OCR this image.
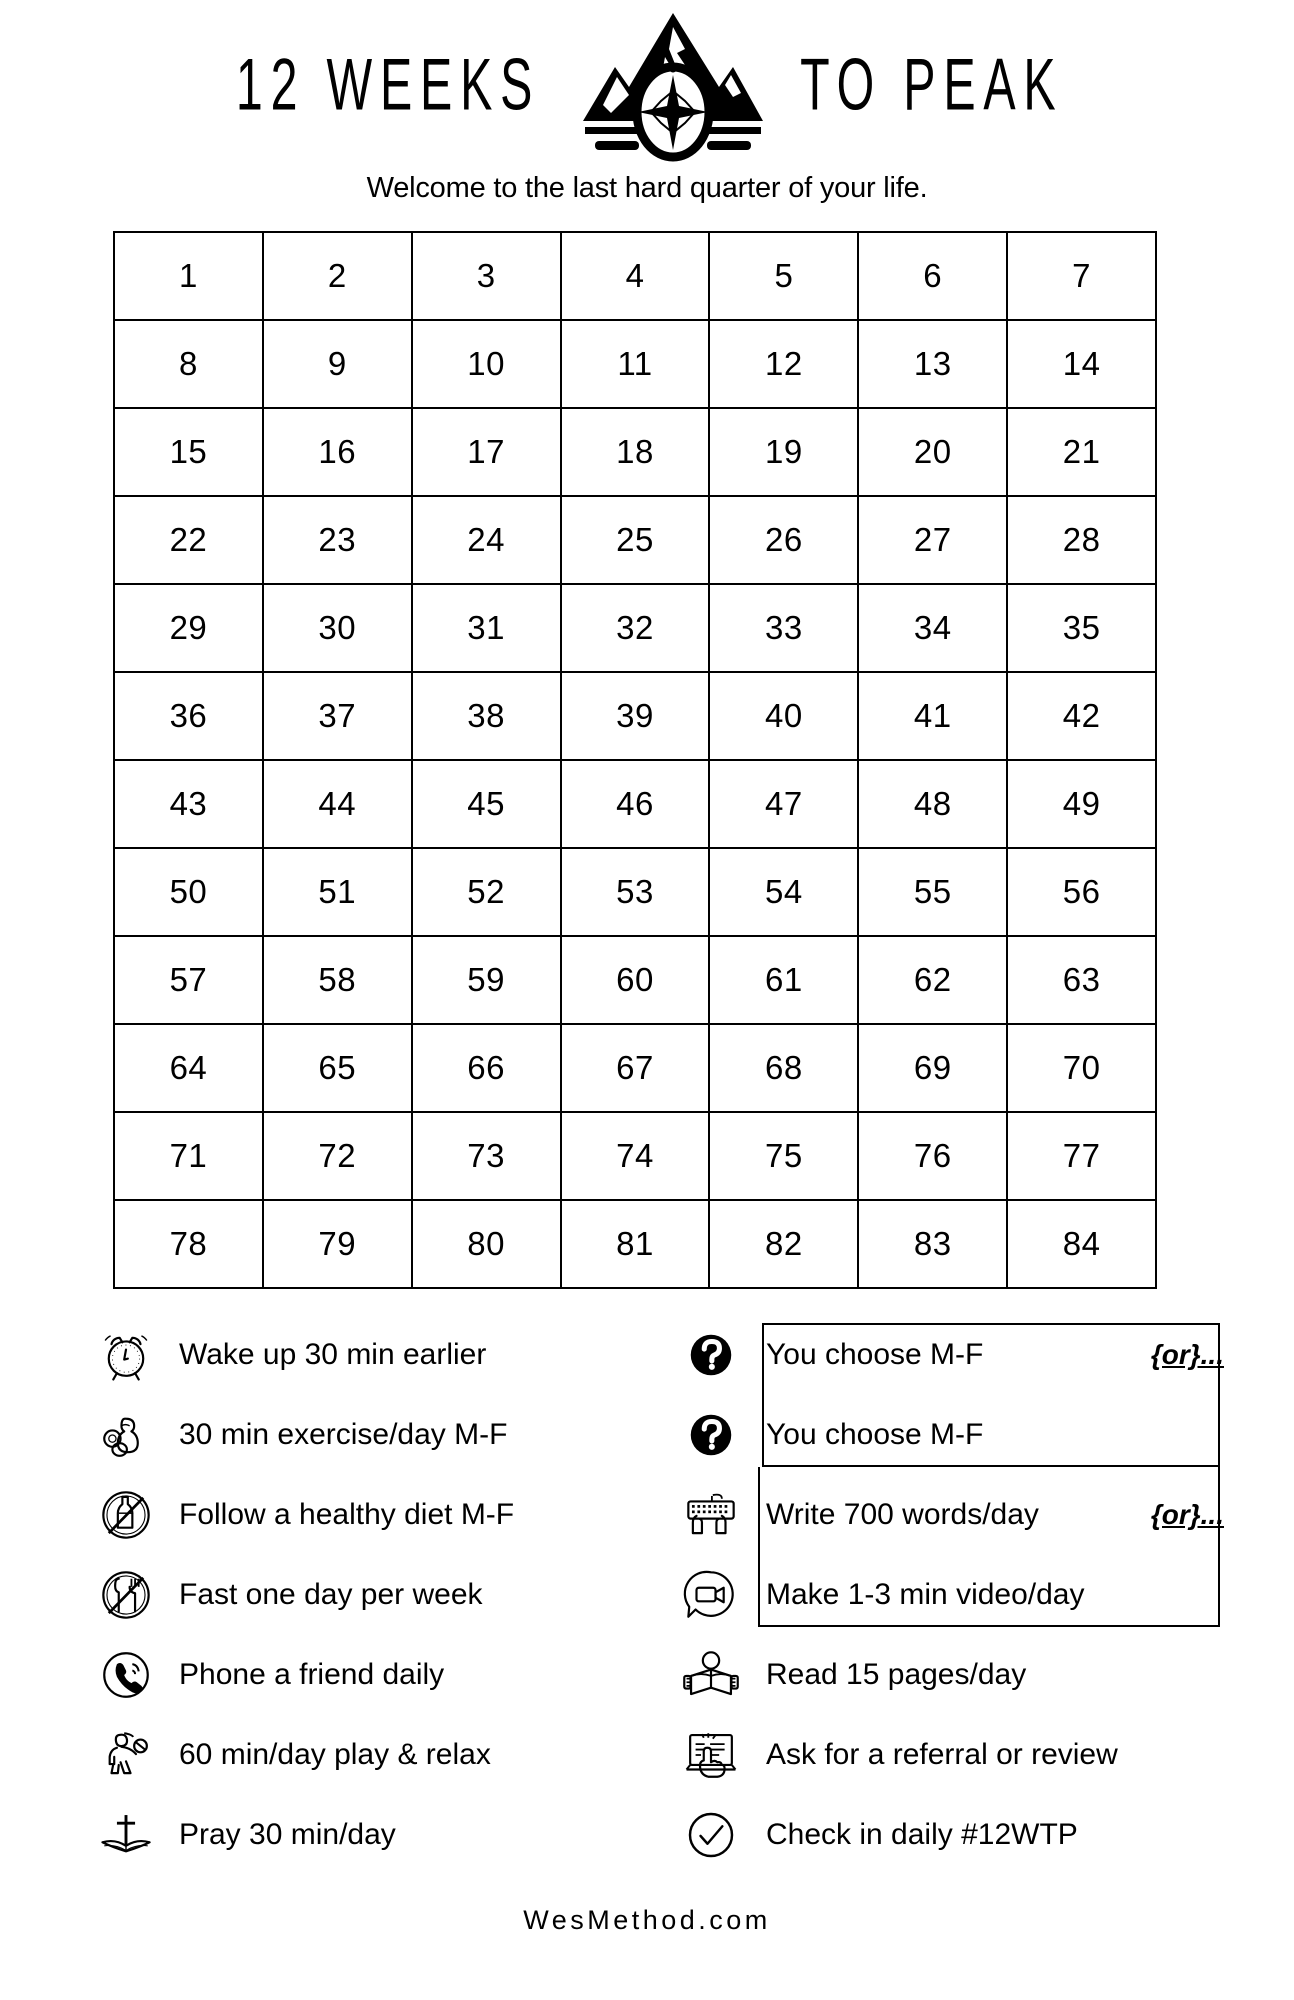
12 WEEKS	TO PEAK
Welcome to the last hard quarter of your life.
1	2	3	4	5	6	7
8	9	10	11	12	13	14
15	16	17	18	19	20	21
22	23	24	25	26	27	28
29	30	31	32	33	34	35
36	37	38	39	40	41	42
43	44	45	46	47	48	49
50	51	52	53	54	55	56
57	58	59	60	61	62	63
64	65	66	67	68	69	70
71	72	73	74	75	76	77
78	79	80	81	82	83	84
Wake up 30 min earlier
30 min exercise/day M-F
Follow a healthy diet M-F
Fast one day per week
Phone a friend daily
60 min/day play & relax
Pray 30 min/day
You choose M-F	{or}...
You choose M-F
Write 700 words/day	{or}...
Make 1-3 min video/day
Read 15 pages/day
Ask for a referral or review
Check in daily #12WTP
WesMethod.com
